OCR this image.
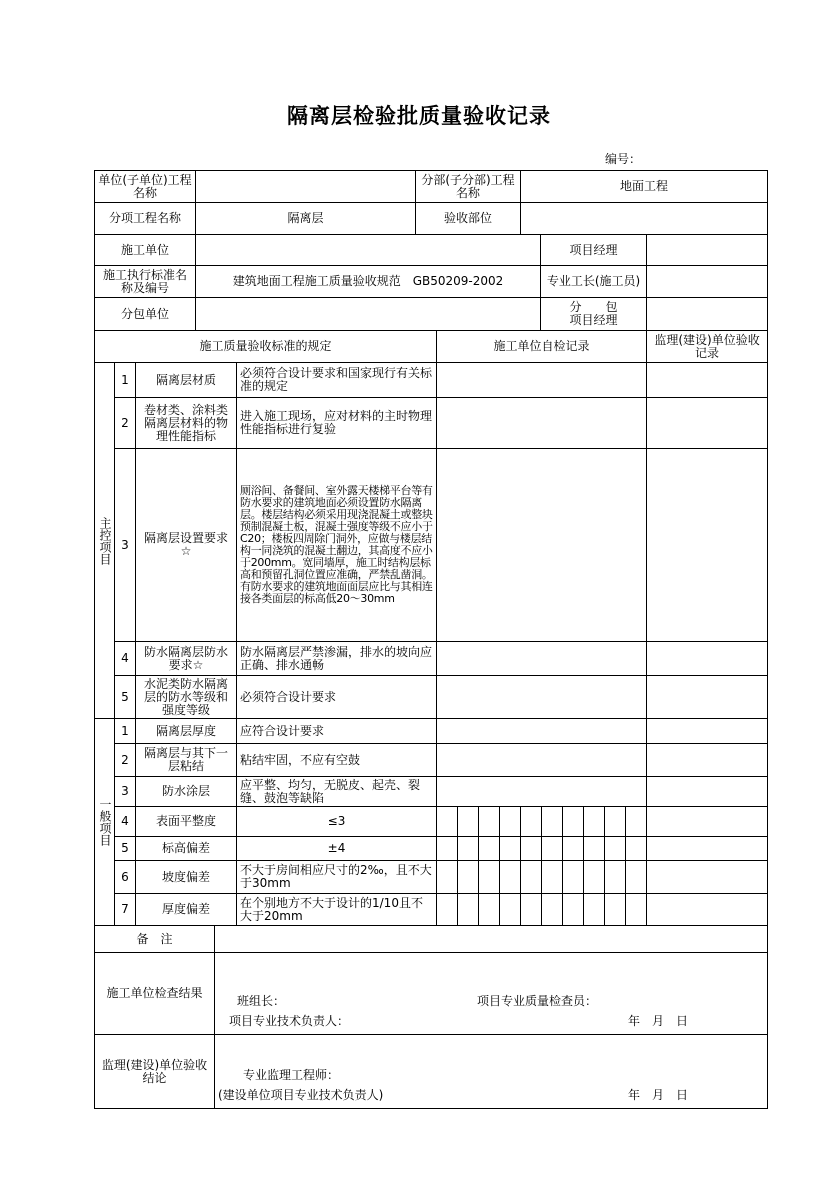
隔离层检验批质量验收记录
编号：
单位(子单位)工程名称		分部(子分部)工程名称	地面工程		
分项工程名称	隔离层	验收部位			
施工单位				项目经理	
施工执行标准名称及编号	建筑地面工程施工质量验收规范　GB50209-2002			专业工长(施工员)	
分包单位				分　　包
项目经理	

施工质量验收标准的规定				施工单位自检记录										监理(建设)单位验收记录
主控项目	1	隔离层材质	必须符合设计要求和国家现行有关标准的规定											
	2	卷材类、涂料类隔离层材料的物理性能指标	进入施工现场，应对材料的主时物理性能指标进行复验											
	3	隔离层设置要求☆	厕浴间、备餐间、室外露天楼梯平台等有防水要求的建筑地面必须设置防水隔离层。楼层结构必须采用现浇混凝土或整块预制混凝土板，混凝土强度等级不应小于C20；楼板四周除门洞外，应做与楼层结构一同浇筑的混凝土翻边，其高度不应小于200mm。宽同墙厚，施工时结构层标高和预留孔洞位置应准确，严禁乱凿洞。有防水要求的建筑地面面层应比与其相连接各类面层的标高低20～30mm											
	4	防水隔离层防水要求☆	防水隔离层严禁渗漏，排水的坡向应正确、排水通畅											
	5	水泥类防水隔离层的防水等级和强度等级	必须符合设计要求											
一般项目	1	隔离层厚度	应符合设计要求											
	2	隔离层与其下一层粘结	粘结牢固，不应有空鼓											
	3	防水涂层	应平整、均匀，无脱皮、起壳、裂缝、鼓泡等缺陷											
	4	表面平整度	≤3											
	5	标高偏差	±4											
	6	坡度偏差	不大于房间相应尺寸的2‰，且不大于30mm											
	7	厚度偏差	在个别地方不大于设计的1/10且不大于20mm											
备　注	
施工单位检查结果	班组长： 项目专业质量检查员：
项目专业技术负责人： 年　月　日

监理(建设)单位验收结论	专业监理工程师：
(建设单位项目专业技术负责人) 年　月　日
